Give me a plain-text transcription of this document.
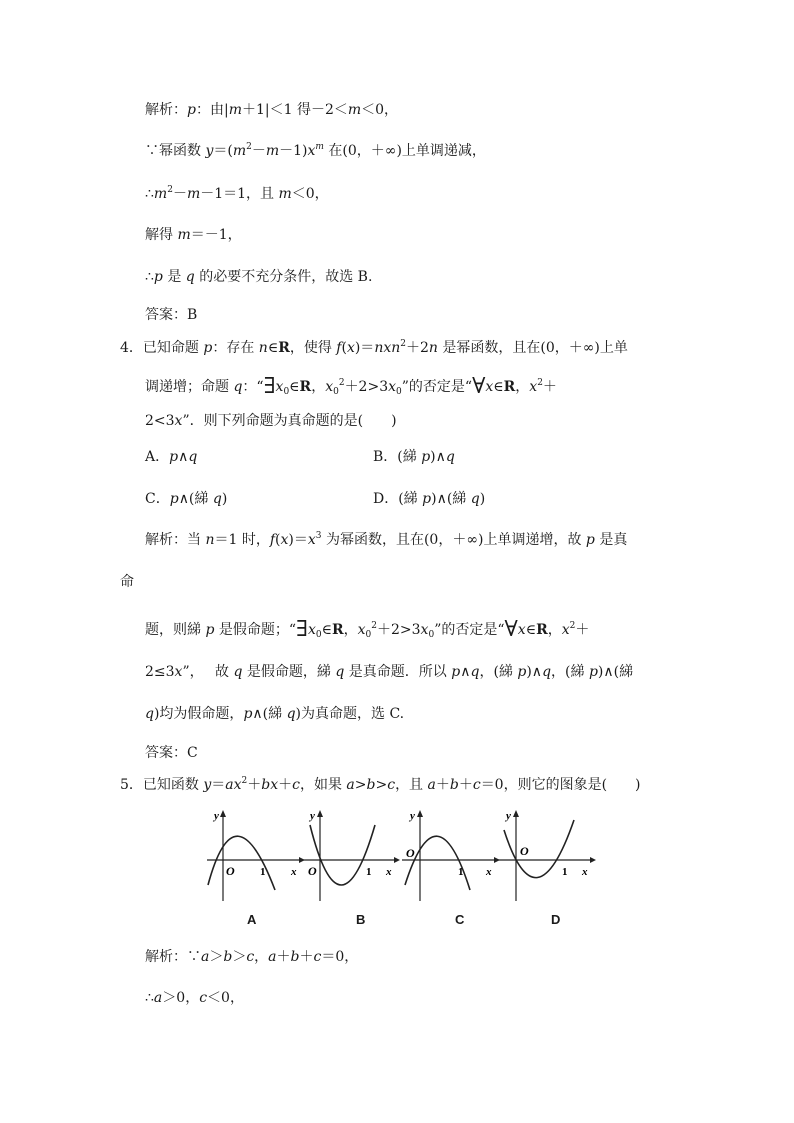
解析：p：由|m＋1|＜1 得－2＜m＜0，
∵幂函数 $y=(m^2-m-1)x^m$ 在(0，＋∞)上单调递减，
$\therefore m^2-m-1=1$，且 m＜0，
解得 m＝－1，
∴p 是 q 的必要不充分条件，故选 B.
答案：B
4．已知命题 p：存在 n∈R，使得 f(x)＝nxn$^2$＋2n 是幂函数，且在(0，＋∞)上单
调递增；命题 q：“$\exists x_0\in R$，$x_0^2+2>3x_0$”的否定是“∀x∈R，$x^2+$
2<3x”．则下列命题为真命题的是(　　)
A．p∧q	B．(綈 p)∧q
C．p∧(綈 q)	D．(綈 p)∧(綈 q)
解析：当 n＝1 时，$f(x)=x^3$ 为幂函数，且在(0，＋∞)上单调递增，故 p 是真
命
题，则綈 p 是假命题；“$\exists x_0\in R$，$x_0^2+2>3x_0$”的否定是“∀x∈R，$x^2+$
2≤3x”，　 故 q 是假命题，綈 q 是真命题．所以 p∧q，(綈 p)∧q，(綈 p)∧(綈
q)均为假命题，p∧(綈 q)为真命题，选 C.
答案：C
5．已知函数 $y=ax^2+bx+c$，如果 a>b>c，且 a＋b＋c＝0，则它的图象是(　　)
y
x
O 1
A
y
x
O	1
B
y
x
O
1
C
y
x
O
1
D
解析：∵a＞b＞c，a＋b＋c＝0，
∴a＞0，c＜0，
